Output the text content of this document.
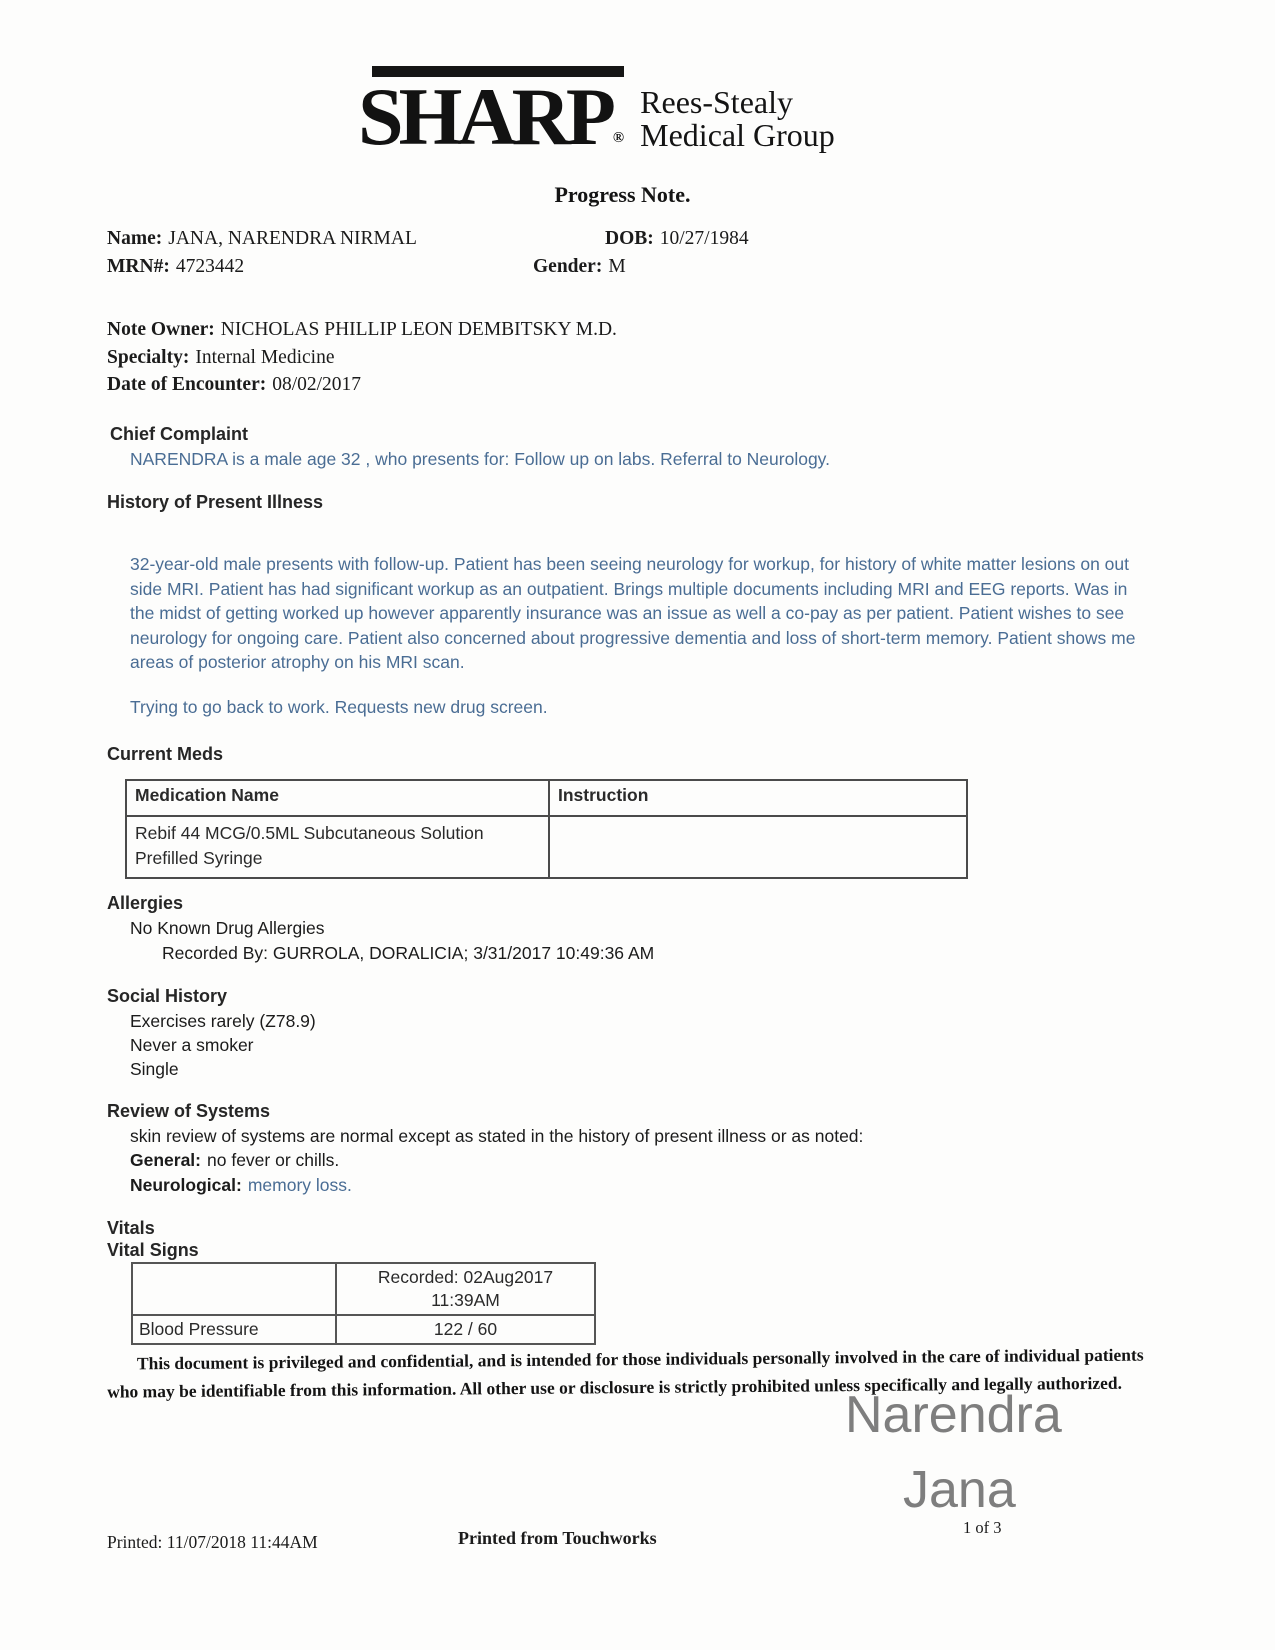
SHARP ®
Rees-Stealy
Medical Group
Progress Note.
Name: JANA, NARENDRA NIRMAL	DOB: 10/27/1984
MRN#: 4723442	Gender: M
Note Owner: NICHOLAS PHILLIP LEON DEMBITSKY M.D.
Specialty: Internal Medicine
Date of Encounter: 08/02/2017
Chief Complaint
NARENDRA is a male age 32 , who presents for: Follow up on labs. Referral to Neurology.
History of Present Illness
32-year-old male presents with follow-up. Patient has been seeing neurology for workup, for history of white matter lesions on out side MRI. Patient has had significant workup as an outpatient. Brings multiple documents including MRI and EEG reports. Was in the midst of getting worked up however apparently insurance was an issue as well a co-pay as per patient. Patient wishes to see neurology for ongoing care. Patient also concerned about progressive dementia and loss of short-term memory. Patient shows me areas of posterior atrophy on his MRI scan.
Trying to go back to work. Requests new drug screen.
Current Meds
Medication Name	Instruction
Rebif 44 MCG/0.5ML Subcutaneous Solution Prefilled Syringe	
Allergies
No Known Drug Allergies
Recorded By: GURROLA, DORALICIA; 3/31/2017 10:49:36 AM
Social History
Exercises rarely (Z78.9)
Never a smoker
Single
Review of Systems
skin review of systems are normal except as stated in the history of present illness or as noted:
General: no fever or chills.
Neurological: memory loss.
Vitals
Vital Signs

	Recorded: 02Aug2017
11:39AM

Blood Pressure	122 / 60
This document is privileged and confidential, and is intended for those individuals personally involved in the care of individual patients who may be identifiable from this information. All other use or disclosure is strictly prohibited unless specifically and legally authorized.
Narendra
Jana
1 of 3
Printed: 11/07/2018 11:44AM	Printed from Touchworks
